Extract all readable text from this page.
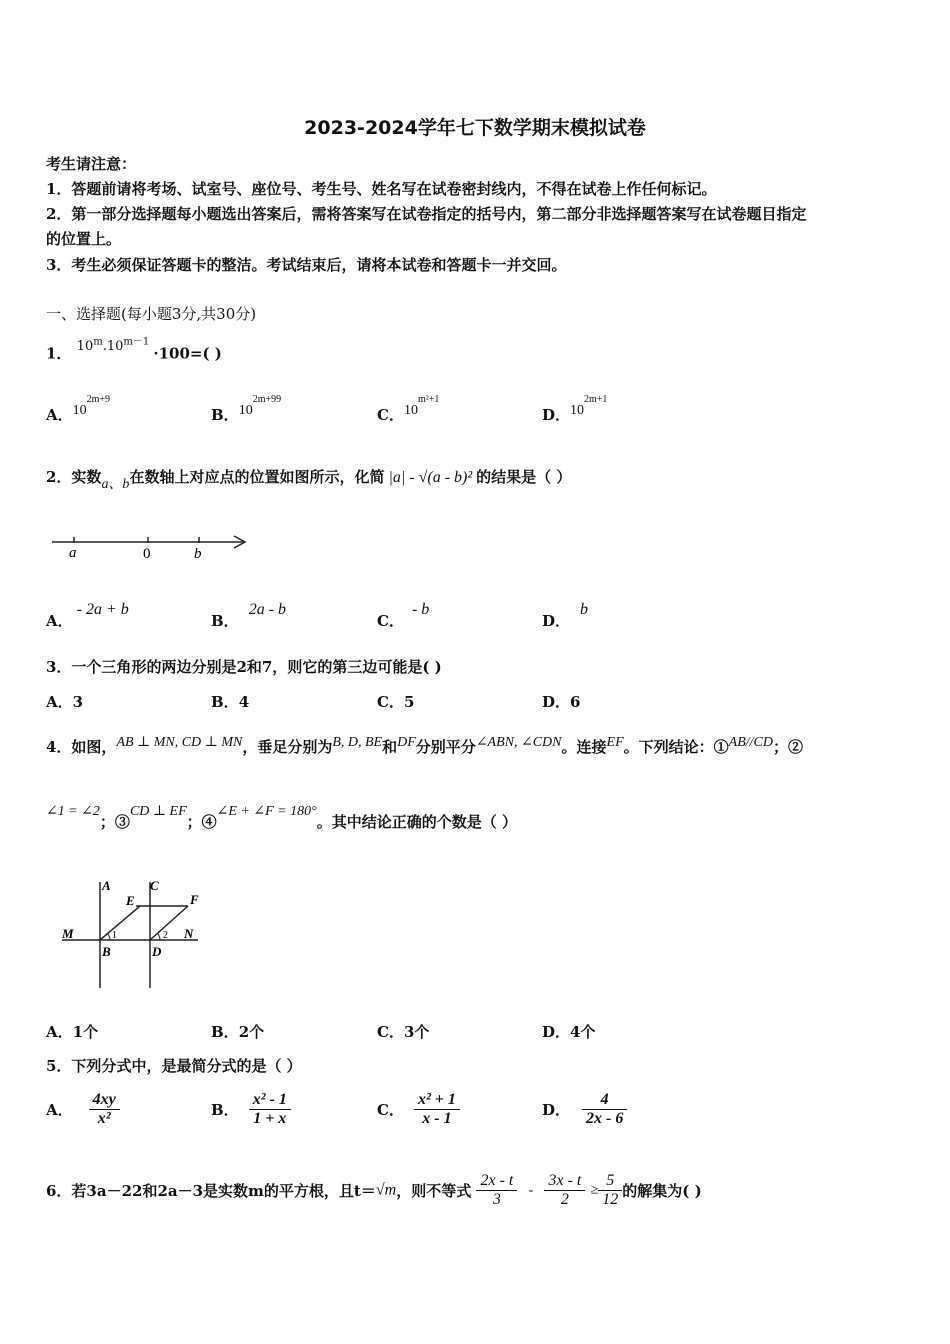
2023-2024学年七下数学期末模拟试卷
考生请注意：
1．答题前请将考场、试室号、座位号、考生号、姓名写在试卷密封线内，不得在试卷上作任何标记。
2．第一部分选择题每小题选出答案后，需将答案写在试卷指定的括号内，第二部分非选择题答案写在试卷题目指定
的位置上。
3．考生必须保证答题卡的整洁。考试结束后，请将本试卷和答题卡一并交回。
一、选择题(每小题3分,共30分)
1． $10^m.10^{m-1} \cdot 100=$( )
A．$10^{2m+9}$
B．$10^{2m+99}$
C．$10^{m^2+1}$
D．$10^{2m+1}$
2．实数a、b在数轴上对应点的位置如图所示，化简 |a| - √(a - b)² 的结果是（ ）
a	0	b
A．- 2a + b
B．2a - b
C．- b
D．b
3．一个三角形的两边分别是2和7，则它的第三边可能是( )
A．3	B．4	C．5	D．6
4．如图，AB ⊥ MN, CD ⊥ MN，垂足分别为B, D, BE和DF分别平分∠ABN, ∠CDN。连接EF。下列结论：①AB//CD；②
∠1 = ∠2；③CD ⊥ EF；④∠E + ∠F = 180°。其中结论正确的个数是（ ）
A	C
E	F
M	N
B	D
1	2
A．1个	B．2个	C．3个	D．4个
5．下列分式中，是最简分式的是（ ）
A． $\frac{4xy}{\text{x²}}$	B． $\frac{\text{x² - 1}}{1 + x}$	C． $\frac{\text{x² + 1}}{x - 1}$	D． $\frac{4}{2x - 6}$
6．若3a－22和2a－3是实数m的平方根，且t＝√m，则不等式 $\frac{2x - t}{3} - \frac{3x - t}{2} \ge \frac{5}{12}$ 的解集为( )
